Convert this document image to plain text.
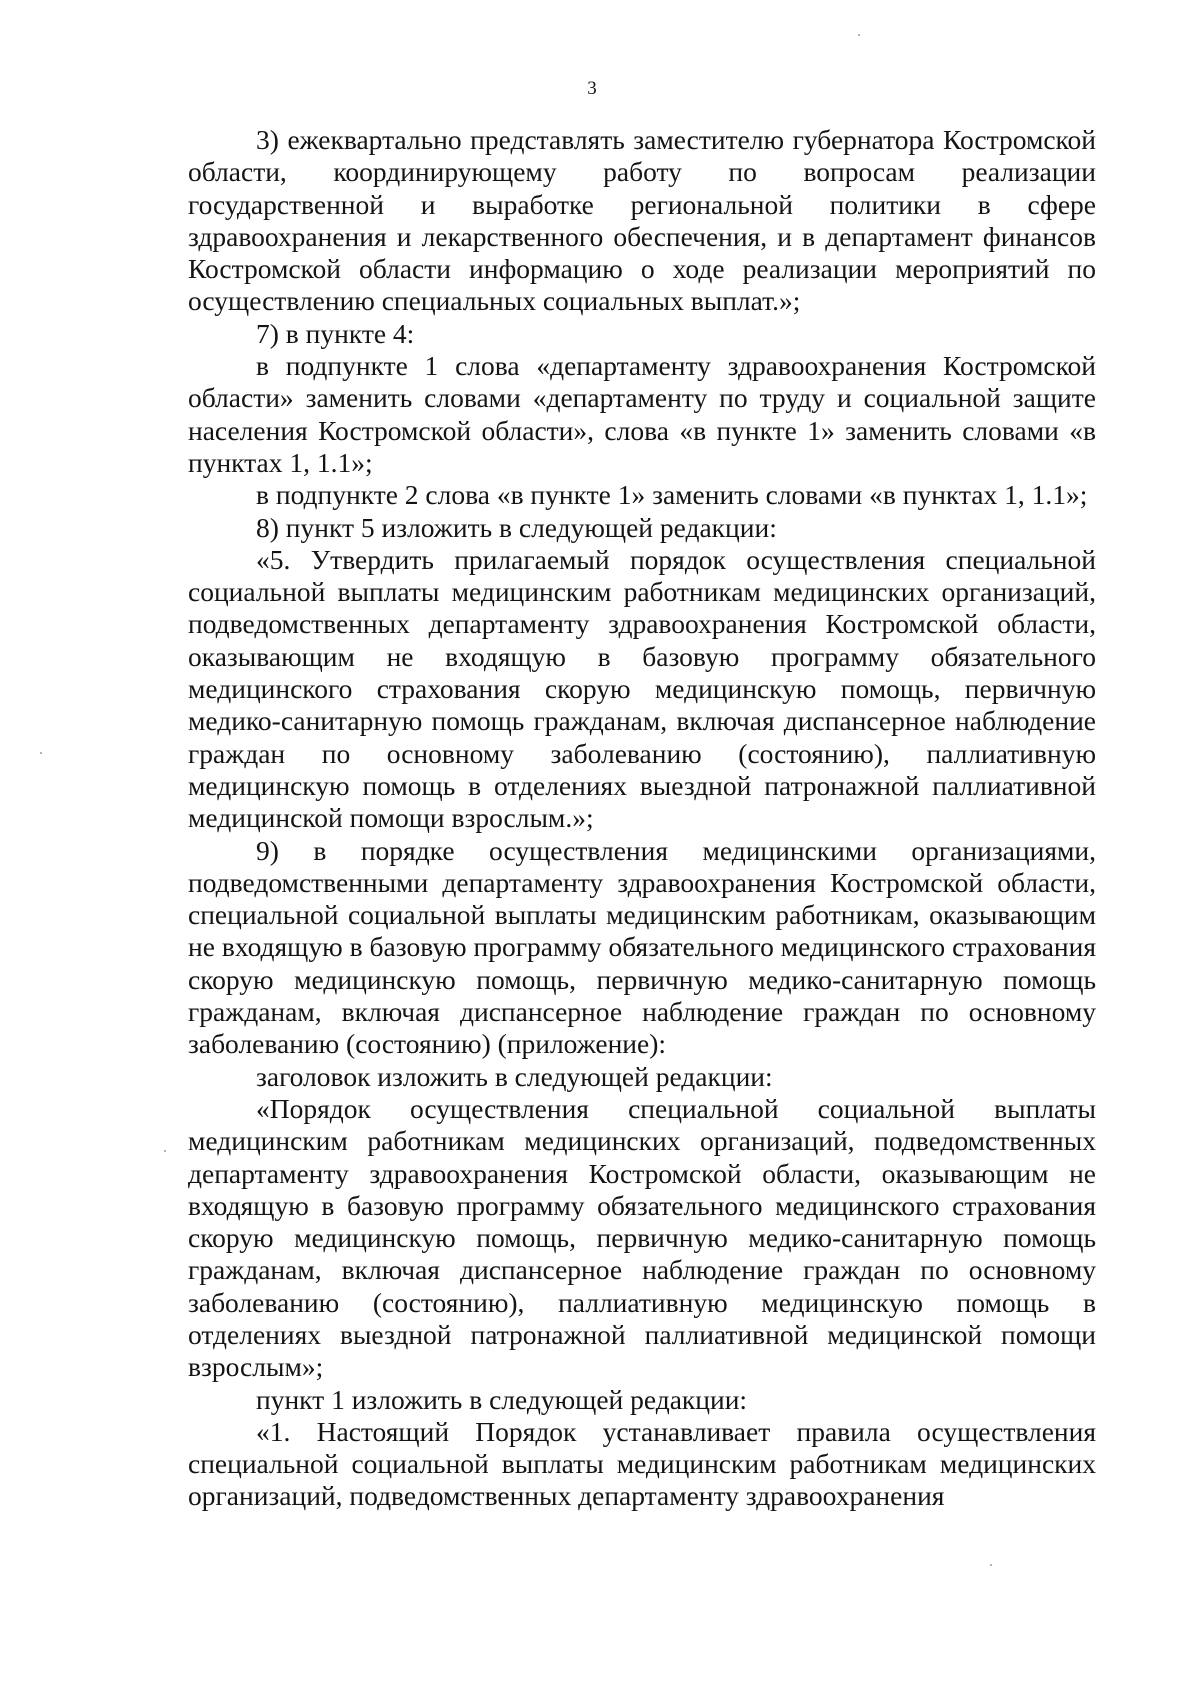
3

3) ежеквартально представлять заместителю губернатора Костромской области, координирующему работу по вопросам реализации государственной и выработке региональной политики в сфере здравоохранения и лекарственного обеспечения, и в департамент финансов Костромской области информацию о ходе реализации мероприятий по осуществлению специальных социальных выплат.»;

7) в пункте 4:

в подпункте 1 слова «департаменту здравоохранения Костромской области» заменить словами «департаменту по труду и социальной защите населения Костромской области», слова «в пункте 1» заменить словами «в пунктах 1, 1.1»;

в подпункте 2 слова «в пункте 1» заменить словами «в пунктах 1, 1.1»;

8) пункт 5 изложить в следующей редакции:

«5. Утвердить прилагаемый порядок осуществления специальной социальной выплаты медицинским работникам медицинских организаций, подведомственных департаменту здравоохранения Костромской области, оказывающим не входящую в базовую программу обязательного медицинского страхования скорую медицинскую помощь, первичную медико-санитарную помощь гражданам, включая диспансерное наблюдение граждан по основному заболеванию (состоянию), паллиативную медицинскую помощь в отделениях выездной патронажной паллиативной медицинской помощи взрослым.»;

9) в порядке осуществления медицинскими организациями, подведомственными департаменту здравоохранения Костромской области, специальной социальной выплаты медицинским работникам, оказывающим не входящую в базовую программу обязательного медицинского страхования скорую медицинскую помощь, первичную медико-санитарную помощь гражданам, включая диспансерное наблюдение граждан по основному заболеванию (состоянию) (приложение):

заголовок изложить в следующей редакции:

«Порядок осуществления специальной социальной выплаты медицинским работникам медицинских организаций, подведомственных департаменту здравоохранения Костромской области, оказывающим не входящую в базовую программу обязательного медицинского страхования скорую медицинскую помощь, первичную медико-санитарную помощь гражданам, включая диспансерное наблюдение граждан по основному заболеванию (состоянию), паллиативную медицинскую помощь в отделениях выездной патронажной паллиативной медицинской помощи взрослым»;

пункт 1 изложить в следующей редакции:

«1. Настоящий Порядок устанавливает правила осуществления специальной социальной выплаты медицинским работникам медицинских организаций, подведомственных департаменту здравоохранения
